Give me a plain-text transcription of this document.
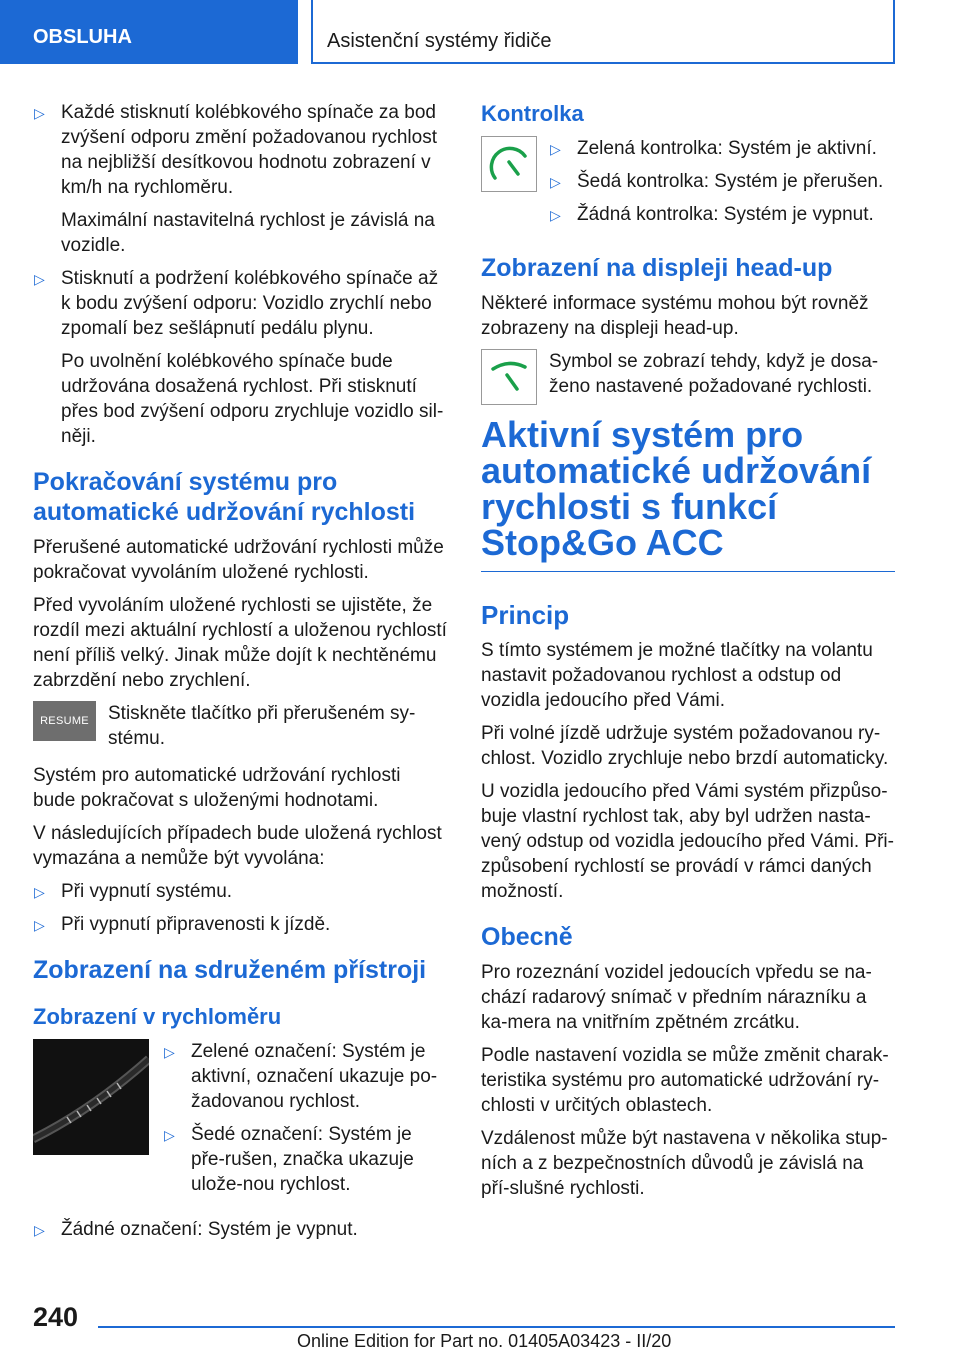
OBSLUHA	Asistenční systémy řidiče
▷ Každé stisknutí kolébkového spínače za bod zvýšení odporu změní požadovanou rychlost na nejbližší desítkovou hodnotu zobrazení v km/h na rychloměru.
Maximální nastavitelná rychlost je závislá na vozidle.
▷ Stisknutí a podržení kolébkového spínače až k bodu zvýšení odporu: Vozidlo zrychlí nebo zpomalí bez sešlápnutí pedálu plynu.
Po uvolnění kolébkového spínače bude udržována dosažená rychlost. Při stisknutí přes bod zvýšení odporu zrychluje vozidlo sil‐něji.
Pokračování systému pro automatické udržování rychlosti

Přerušené automatické udržování rychlosti může pokračovat vyvoláním uložené rychlosti.

Před vyvoláním uložené rychlosti se ujistěte, že rozdíl mezi aktuální rychlostí a uloženou rychlostí není příliš velký. Jinak může dojít k nechtěnému zabrzdění nebo zrychlení.

RESUME	Stiskněte tlačítko při přerušeném sy‐stému.

Systém pro automatické udržování rychlosti bude pokračovat s uloženými hodnotami.

V následujících případech bude uložená rychlost vymazána a nemůže být vyvolána:

▷ Při vypnutí systému.
▷ Při vypnutí připravenosti k jízdě.
Zobrazení na sdruženém přístroji
Zobrazení v rychloměru
▷ Zelené označení: Systém je aktivní, označení ukazuje po‐žadovanou rychlost.
▷ Šedé označení: Systém je pře‐rušen, značka ukazuje ulože‐nou rychlost.
▷ Žádné označení: Systém je vypnut.
Kontrolka
▷ Zelená kontrolka: Systém je aktivní.
▷ Šedá kontrolka: Systém je přerušen.
▷ Žádná kontrolka: Systém je vypnut.
Zobrazení na displeji head-up

Některé informace systému mohou být rovněž zobrazeny na displeji head-up.

Symbol se zobrazí tehdy, když je dosa‐ženo nastavené požadované rychlosti.

Aktivní systém pro automatické udržování rychlosti s funkcí Stop&Go ACC
Princip

S tímto systémem je možné tlačítky na volantu nastavit požadovanou rychlost a odstup od vozidla jedoucího před Vámi.

Při volné jízdě udržuje systém požadovanou ry‐chlost. Vozidlo zrychluje nebo brzdí automaticky.

U vozidla jedoucího před Vámi systém přizpůso‐buje vlastní rychlost tak, aby byl udržen nasta‐vený odstup od vozidla jedoucího před Vámi. Při‐způsobení rychlostí se provádí v rámci daných možností.

Obecně

Pro rozeznání vozidel jedoucích vpředu se na‐chází radarový snímač v předním nárazníku a ka‐mera na vnitřním zpětném zrcátku.

Podle nastavení vozidla se může změnit charak‐teristika systému pro automatické udržování ry‐chlosti v určitých oblastech.

Vzdálenost může být nastavena v několika stup‐ních a z bezpečnostních důvodů je závislá na pří‐slušné rychlosti.

240
Online Edition for Part no. 01405A03423 - II/20
